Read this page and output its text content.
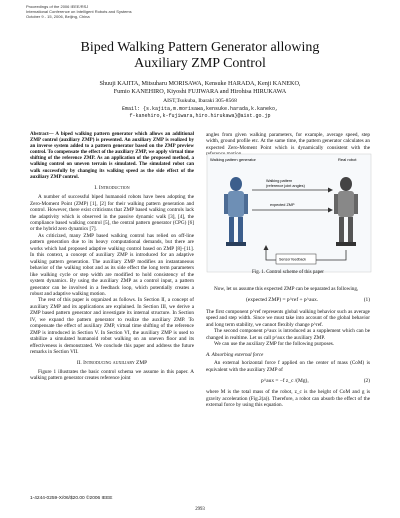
Proceedings of the 2006 IEEE/RSJ
International Conference on Intelligent Robots and Systems
October 9 - 15, 2006, Beijing, China
Biped Walking Pattern Generator allowing
Auxiliary ZMP Control
Shuuji KAJITA, Mitsuharu MORISAWA, Kensuke HARADA, Kenji KANEKO,
Fumio KANEHIRO, Kiyoshi FUJIWARA and Hirohisa HIRUKAWA
AIST,Tsukuba, Ibaraki 305-8568
Email: {s.kajita,m.morisawa,kensuke.harada,k.kaneko,
f-kanehiro,k-fujiwara,hiro.hirukawa}@aist.go.jp

Abstract— A biped walking pattern generator which allows an additional ZMP control (auxiliary ZMP) is presented. An auxiliary ZMP is realized by an inverse system added to a pattern generator based on the ZMP preview control. To compensate the effect of the auxiliary ZMP, we apply virtual time shifting of the reference ZMP. As an application of the proposed method, a walking control on uneven terrain is simulated. The simulated robot can walk successfully by changing its walking speed as the side effect of the auxiliary ZMP control.

I. Introduction

A number of successful biped humanoid robots have been adopting the Zero-Moment Point (ZMP) [1], [2] for their walking pattern generation and control. However, there exist criticisms that ZMP based walking controls lack the adaptivity which is observed in the passive dynamic walk [3], [4], the compliance based walking control [5], the central pattern generator (CPG) [6] or the hybrid zero dynamics [7].

As criticized, many ZMP based walking control has relied on off-line pattern generation due to its heavy computational demands, but there are works which had proposed adaptive walking control based on ZMP [8]–[11]. In this context, a concept of auxiliary ZMP is introduced for an adaptive walking pattern generation. The auxiliary ZMP modifies an instantaneous behavior of the walking robot and as its side effect the long term parameters like walking cycle or step width are modified to hold consistency of the system dynamics. By using the auxiliary ZMP as a control input, a pattern generator can be involved in a feedback loop, which potentially creates a robust and adaptive walking motion.

The rest of this paper is organized as follows. In Section II, a concept of auxiliary ZMP and its applications are explained. In Section III, we derive a ZMP based pattern generator and investigate its internal structure. In Section IV, we expand the pattern generator to realize the auxiliary ZMP. To compensate the effect of auxiliary ZMP, virtual time shifting of the reference ZMP is introduced in Section V. In Section VI, the auxiliary ZMP is used to stabilize a simulated humanoid robot walking on an uneven floor and its effectiveness is demonstrated. We conclude this paper and address the future remarks in Section VII.

II. Introducing auxiliary ZMP

Figure 1 illustrates the basic control schema we assume in this paper. A walking pattern generator creates reference joint

angles from given walking parameters, for example, average speed, step width, ground profile etc. At the same time, the pattern generator calculates an expected Zero-Moment Point which is dynamically consistent with the

Walking pattern generator	Real robot
Walking pattern
(reference joint angles)
expected ZMP
Sensor feedback
Fig. 1. Control scheme of this paper

Now, let us assume this expected ZMP can be separated as following,

(expected ZMP) = p^ref + p^aux.	(1)

The first component p^ref represents global walking behavior such as average speed and step width. Since we must take into account of the global behavior and long term stability, we cannot flexibly change p^ref.

The second component p^aux is introduced as a supplement which can be changed in realtime. Let us call p^aux the auxiliary ZMP.

We can use the auxiliary ZMP for the following purposes.

A. Absorbing external force

An external horizontal force f applied on the center of mass (CoM) is equivalent with the auxiliary ZMP of

p^aux = −f z_c /(Mg),	(2)

where M is the total mass of the robot, z_c is the height of CoM and g is gravity acceleration (Fig.2(a)). Therefore, a robot can absorb the effect of the external force by using this equation.

1-4244-0259-X/06/$20.00 ©2006 IEEE
2993
